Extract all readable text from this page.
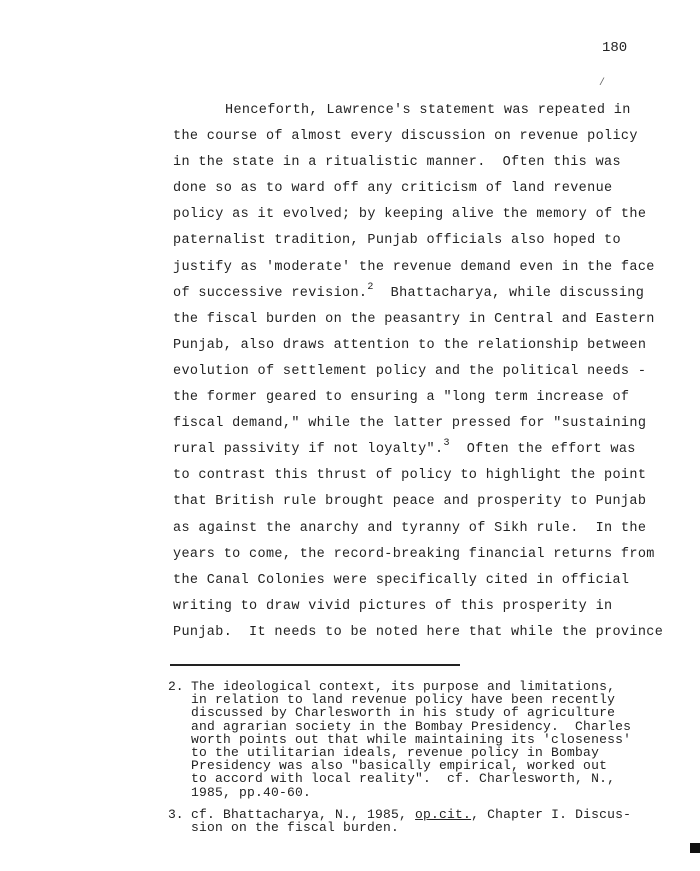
180
Henceforth, Lawrence's statement was repeated in
the course of almost every discussion on revenue policy
in the state in a ritualistic manner.  Often this was
done so as to ward off any criticism of land revenue
policy as it evolved; by keeping alive the memory of the
paternalist tradition, Punjab officials also hoped to
justify as 'moderate' the revenue demand even in the face
of successive revision.$^2$  Bhattacharya, while discussing
the fiscal burden on the peasantry in Central and Eastern
Punjab, also draws attention to the relationship between
evolution of settlement policy and the political needs -
the former geared to ensuring a "long term increase of
fiscal demand," while the latter pressed for "sustaining
rural passivity if not loyalty".$^3$  Often the effort was
to contrast this thrust of policy to highlight the point
that British rule brought peace and prosperity to Punjab
as against the anarchy and tyranny of Sikh rule.  In the
years to come, the record-breaking financial returns from
the Canal Colonies were specifically cited in official
writing to draw vivid pictures of this prosperity in
Punjab.  It needs to be noted here that while the province
2. The ideological context, its purpose and limitations,
in relation to land revenue policy have been recently
discussed by Charlesworth in his study of agriculture
and agrarian society in the Bombay Presidency.  Charles
worth points out that while maintaining its 'closeness'
to the utilitarian ideals, revenue policy in Bombay
Presidency was also "basically empirical, worked out
to accord with local reality".  cf. Charlesworth, N.,
1985, pp.40-60.
3. cf. Bhattacharya, N., 1985, op.cit., Chapter I. Discus-
sion on the fiscal burden.
/
